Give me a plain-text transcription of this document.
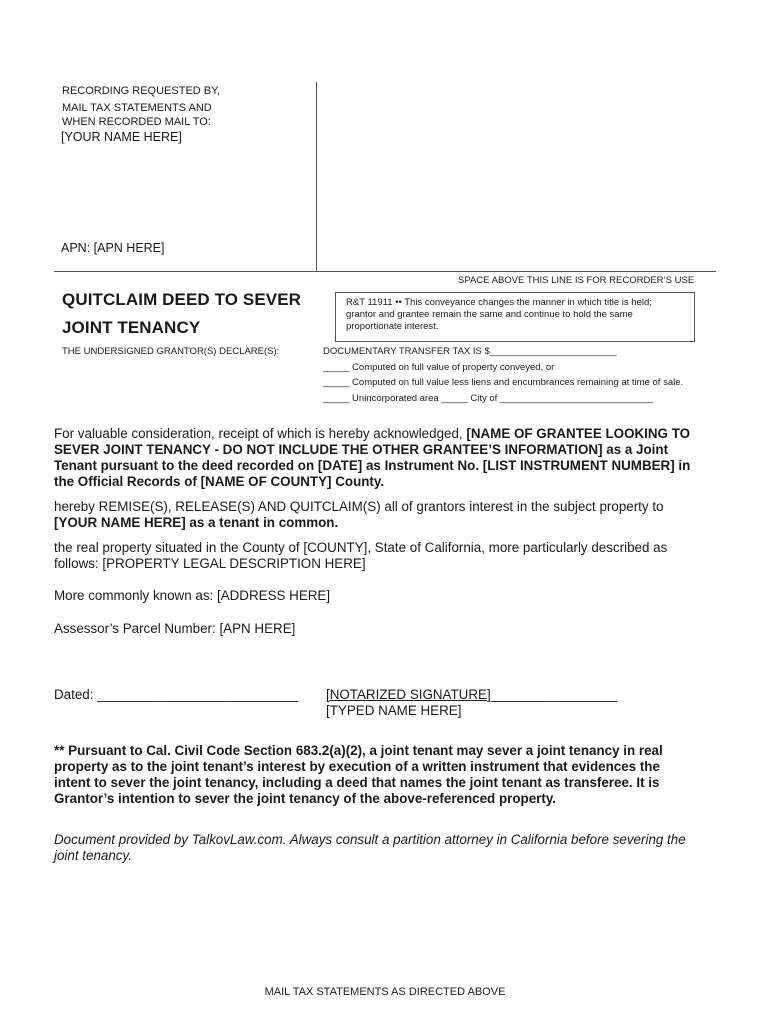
RECORDING REQUESTED BY,
MAIL TAX STATEMENTS AND
WHEN RECORDED MAIL TO:
[YOUR NAME HERE]
APN: [APN HERE]
SPACE ABOVE THIS LINE IS FOR RECORDER’S USE
QUITCLAIM DEED TO SEVER
JOINT TENANCY
THE UNDERSIGNED GRANTOR(S) DECLARE(S):
R&T 11911 •• This conveyance changes the manner in which title is held;
grantor and grantee remain the same and continue to hold the same
proportionate interest.
DOCUMENTARY TRANSFER TAX IS $________________________
_____ Computed on full value of property conveyed, or
_____ Computed on full value less liens and encumbrances remaining at time of sale.
_____ Unincorporated area _____ City of _____________________________
For valuable consideration, receipt of which is hereby acknowledged, [NAME OF GRANTEE LOOKING TO
SEVER JOINT TENANCY - DO NOT INCLUDE THE OTHER GRANTEE’S INFORMATION] as a Joint
Tenant pursuant to the deed recorded on [DATE] as Instrument No. [LIST INSTRUMENT NUMBER] in
the Official Records of [NAME OF COUNTY] County.
hereby REMISE(S), RELEASE(S) AND QUITCLAIM(S) all of grantors interest in the subject property to
[YOUR NAME HERE] as a tenant in common.
the real property situated in the County of [COUNTY], State of California, more particularly described as
follows: [PROPERTY LEGAL DESCRIPTION HERE]
More commonly known as: [ADDRESS HERE]
Assessor’s Parcel Number: [APN HERE]
Dated: ___________________________ [NOTARIZED SIGNATURE]_________________
[TYPED NAME HERE]
** Pursuant to Cal. Civil Code Section 683.2(a)(2), a joint tenant may sever a joint tenancy in real
property as to the joint tenant’s interest by execution of a written instrument that evidences the
intent to sever the joint tenancy, including a deed that names the joint tenant as transferee. It is
Grantor’s intention to sever the joint tenancy of the above-referenced property.
Document provided by TalkovLaw.com. Always consult a partition attorney in California before severing the
joint tenancy.
MAIL TAX STATEMENTS AS DIRECTED ABOVE
